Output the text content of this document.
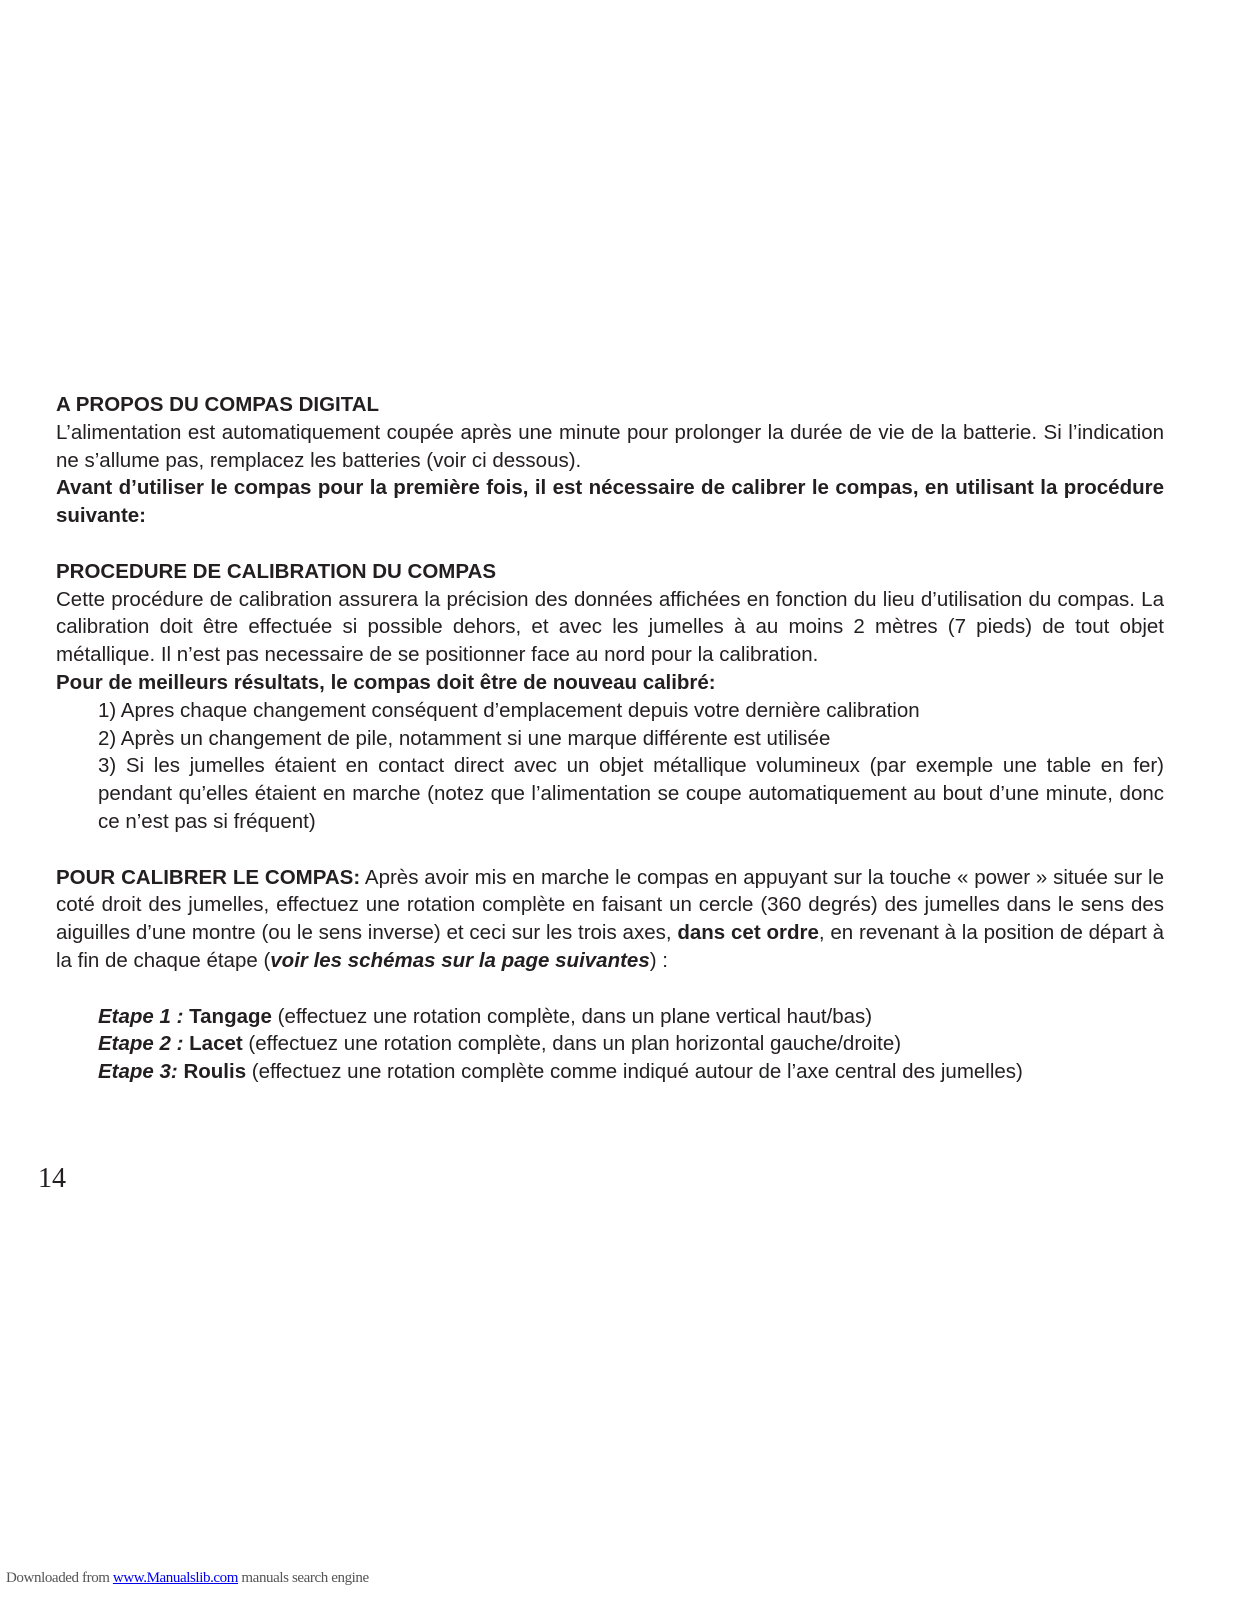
A PROPOS DU COMPAS DIGITAL

L’alimentation est automatiquement coupée après une minute pour prolonger la durée de vie de la batterie. Si l’indication ne s’allume pas, remplacez les batteries (voir ci dessous).

Avant d’utiliser le compas pour la première fois, il est nécessaire de calibrer le compas, en utilisant la procédure suivante:

PROCEDURE DE CALIBRATION DU COMPAS

Cette procédure de calibration assurera la précision des données affichées en fonction du lieu d’utilisation du compas. La calibration doit être effectuée si possible dehors, et avec les jumelles à au moins 2 mètres (7 pieds) de tout objet métallique. Il n’est pas necessaire de se positionner face au nord pour la calibration.

Pour de meilleurs résultats, le compas doit être de nouveau calibré:

1) Apres chaque changement conséquent d’emplacement depuis votre dernière calibration

2) Après un changement de pile, notamment si une marque différente est utilisée

3) Si les jumelles étaient en contact direct avec un objet métallique volumineux (par exemple une table en fer) pendant qu’elles étaient en marche (notez que l’alimentation se coupe automatiquement au bout d’une minute, donc ce n’est pas si fréquent)

POUR CALIBRER LE COMPAS: Après avoir mis en marche le compas en appuyant sur la touche « power » située sur le coté droit des jumelles, effectuez une rotation complète en faisant un cercle (360 degrés) des jumelles dans le sens des aiguilles d’une montre (ou le sens inverse) et ceci sur les trois axes, dans cet ordre, en revenant à la position de départ à la fin de chaque étape (voir les schémas sur la page suivantes) :

Etape 1 : Tangage (effectuez une rotation complète, dans un plane vertical haut/bas)

Etape 2 : Lacet (effectuez une rotation complète, dans un plan horizontal gauche/droite)

Etape 3: Roulis (effectuez une rotation complète comme indiqué autour de l’axe central des jumelles)

14
Downloaded from www.Manualslib.com manuals search engine
